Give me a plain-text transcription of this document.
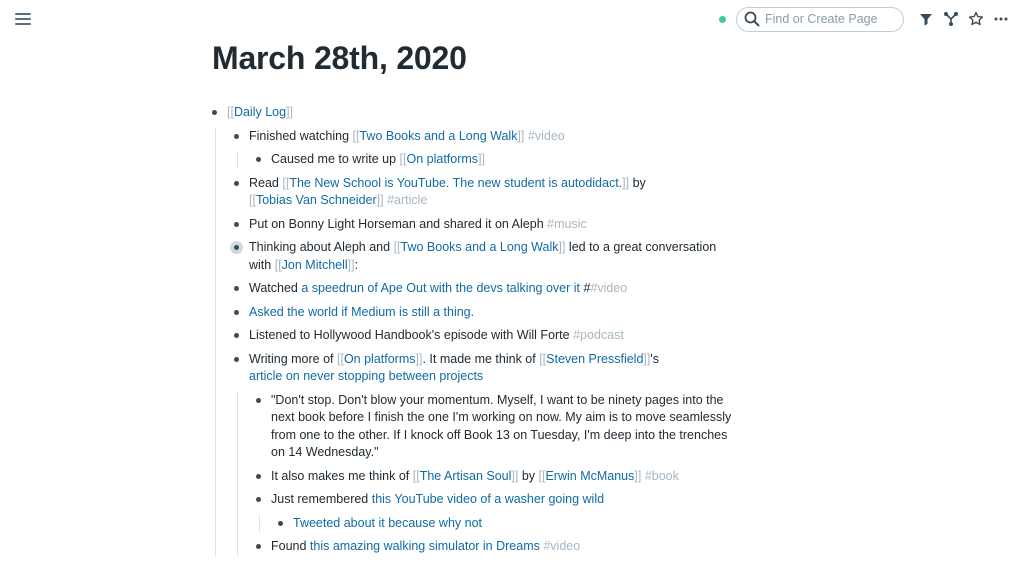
Find or Create Page
March 28th, 2020
[[Daily Log]]
Finished watching [[Two Books and a Long Walk]] #video
Caused me to write up [[On platforms]]
Read [[The New School is YouTube. The new student is autodidact.]] by
[[Tobias Van Schneider]] #article
Put on Bonny Light Horseman and shared it on Aleph #music
Thinking about Aleph and [[Two Books and a Long Walk]] led to a great conversation with [[Jon Mitchell]]:
Watched a speedrun of Ape Out with the devs talking over it ##video
Asked the world if Medium is still a thing.
Listened to Hollywood Handbook's episode with Will Forte #podcast
Writing more of [[On platforms]]. It made me think of [[Steven Pressfield]]'s
article on never stopping between projects
"Don't stop. Don't blow your momentum. Myself, I want to be ninety pages into the next book before I finish the one I'm working on now. My aim is to move seamlessly from one to the other. If I knock off Book 13 on Tuesday, I'm deep into the trenches on 14 Wednesday."
It also makes me think of [[The Artisan Soul]] by [[Erwin McManus]] #book
Just remembered this YouTube video of a washer going wild
Tweeted about it because why not
Found this amazing walking simulator in Dreams #video
